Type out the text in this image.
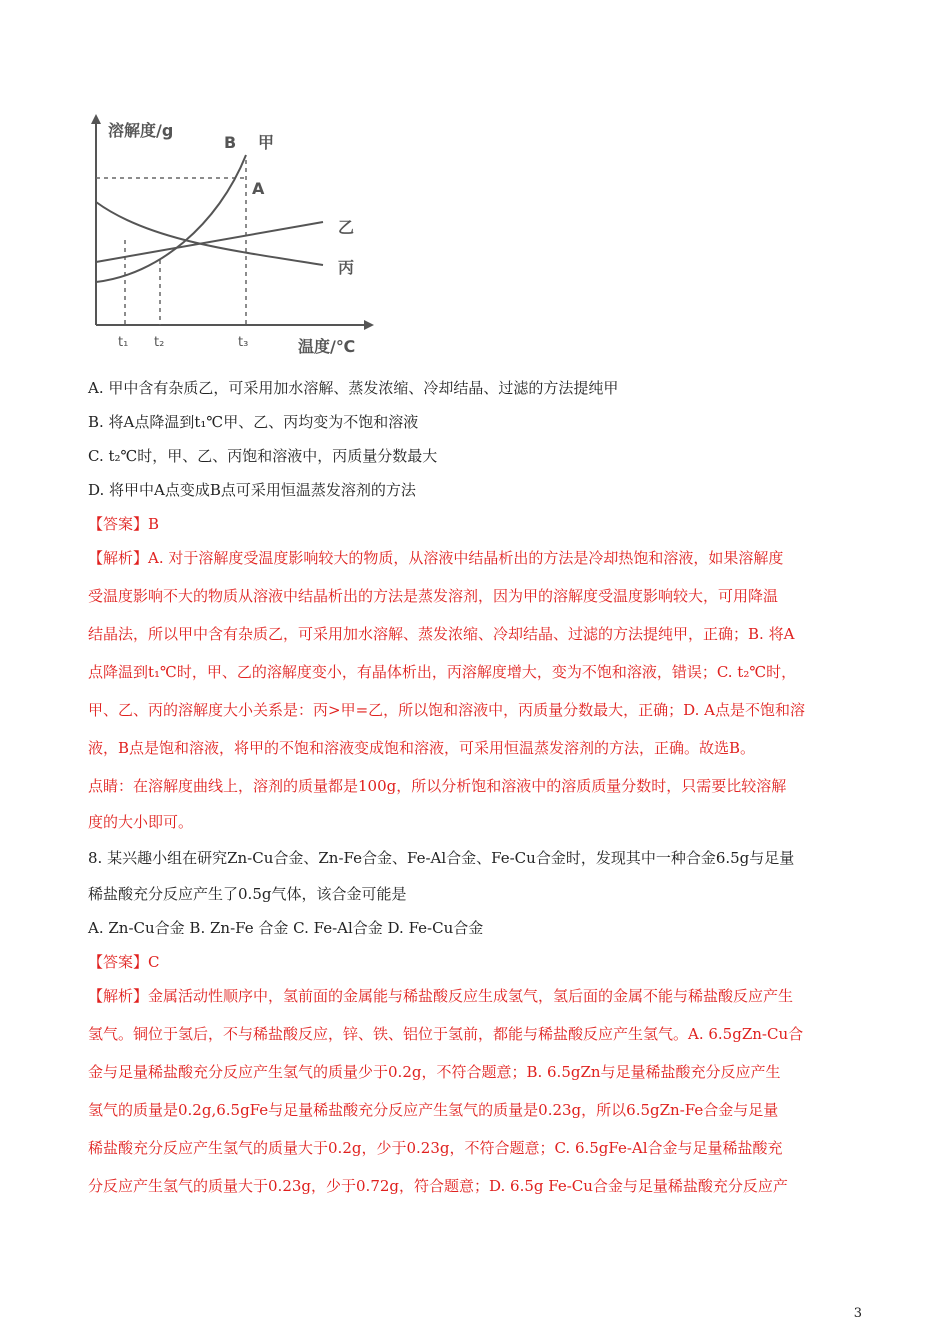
溶解度/g
温度/℃
B 甲
A
乙
丙
t₁ t₂	t₃
A. 甲中含有杂质乙，可采用加水溶解、蒸发浓缩、冷却结晶、过滤的方法提纯甲
B. 将A点降温到t₁℃甲、乙、丙均变为不饱和溶液
C. t₂℃时，甲、乙、丙饱和溶液中，丙质量分数最大
D. 将甲中A点变成B点可采用恒温蒸发溶剂的方法
【答案】B
【解析】A. 对于溶解度受温度影响较大的物质，从溶液中结晶析出的方法是冷却热饱和溶液，如果溶解度
受温度影响不大的物质从溶液中结晶析出的方法是蒸发溶剂，因为甲的溶解度受温度影响较大，可用降温
结晶法，所以甲中含有杂质乙，可采用加水溶解、蒸发浓缩、冷却结晶、过滤的方法提纯甲，正确；B. 将A
点降温到t₁℃时，甲、乙的溶解度变小，有晶体析出，丙溶解度增大，变为不饱和溶液，错误；C. t₂℃时，
甲、乙、丙的溶解度大小关系是：丙>甲=乙，所以饱和溶液中，丙质量分数最大，正确；D. A点是不饱和溶
液，B点是饱和溶液，将甲的不饱和溶液变成饱和溶液，可采用恒温蒸发溶剂的方法，正确。故选B。
点睛：在溶解度曲线上，溶剂的质量都是100g，所以分析饱和溶液中的溶质质量分数时，只需要比较溶解
度的大小即可。
8. 某兴趣小组在研究Zn-Cu合金、Zn-Fe合金、Fe-Al合金、Fe-Cu合金时，发现其中一种合金6.5g与足量
稀盐酸充分反应产生了0.5g气体，该合金可能是
A. Zn-Cu合金 B. Zn-Fe 合金 C. Fe-Al合金 D. Fe-Cu合金
【答案】C
【解析】金属活动性顺序中，氢前面的金属能与稀盐酸反应生成氢气，氢后面的金属不能与稀盐酸反应产生
氢气。铜位于氢后，不与稀盐酸反应，锌、铁、铝位于氢前，都能与稀盐酸反应产生氢气。A. 6.5gZn-Cu合
金与足量稀盐酸充分反应产生氢气的质量少于0.2g，不符合题意；B. 6.5gZn与足量稀盐酸充分反应产生
氢气的质量是0.2g,6.5gFe与足量稀盐酸充分反应产生氢气的质量是0.23g，所以6.5gZn-Fe合金与足量
稀盐酸充分反应产生氢气的质量大于0.2g，少于0.23g，不符合题意；C. 6.5gFe-Al合金与足量稀盐酸充
分反应产生氢气的质量大于0.23g，少于0.72g，符合题意；D. 6.5g Fe-Cu合金与足量稀盐酸充分反应产
3
